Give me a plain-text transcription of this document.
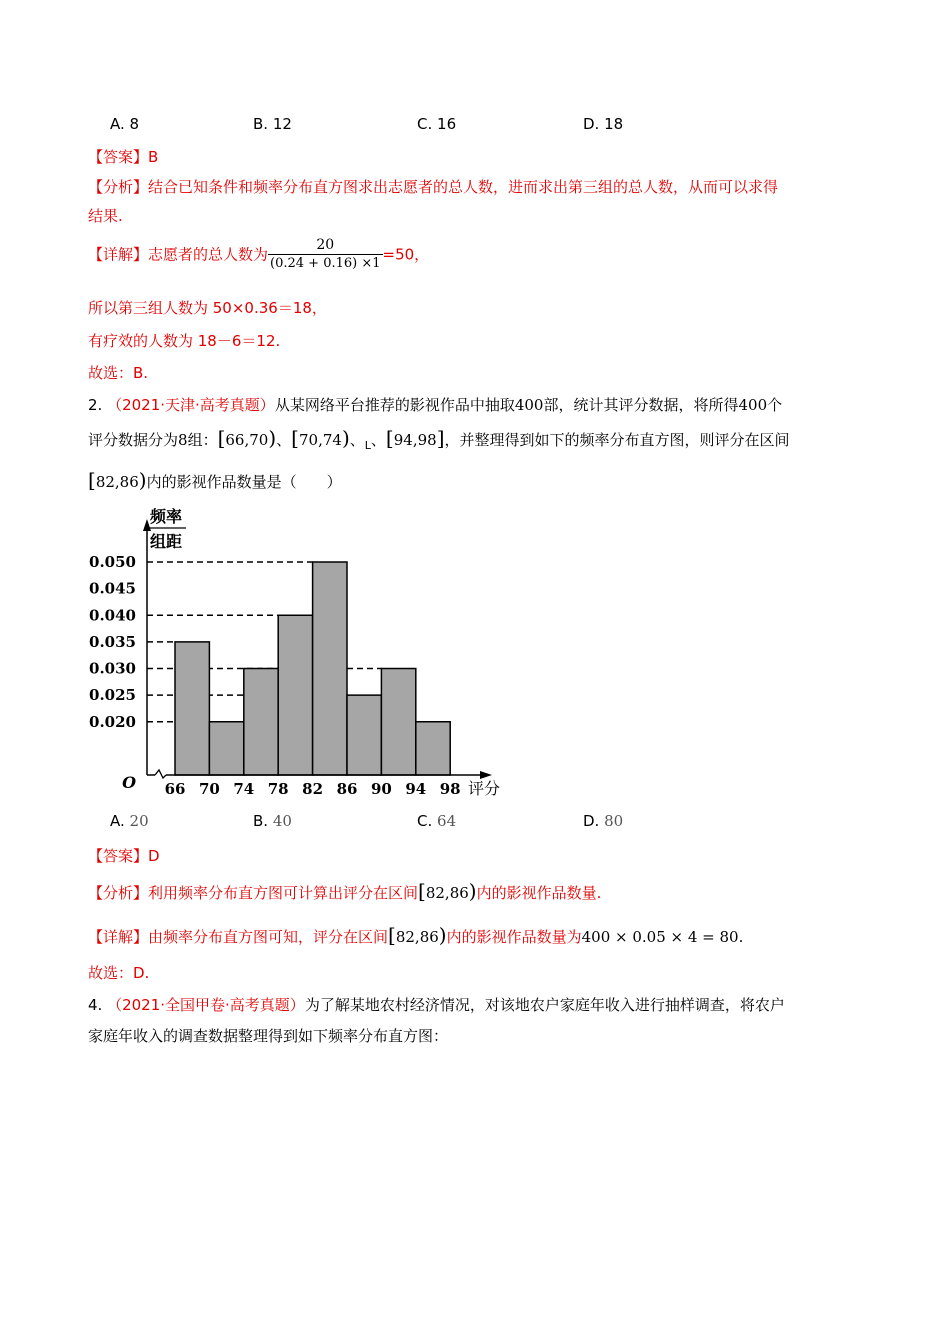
A. 8	B. 12	C. 16	D. 18
【答案】B
【分析】结合已知条件和频率分布直方图求出志愿者的总人数，进而求出第三组的总人数，从而可以求得
结果.
【详解】志愿者的总人数为 $\frac{20}{(0.24 + 0.16) \times 1} =50$，
所以第三组人数为 50×0.36＝18，
有疗效的人数为 18－6＝12.
故选：B.
2. （2021·天津·高考真题）从某网络平台推荐的影视作品中抽取400部，统计其评分数据，将所得400个
评分数据分为8组：[66,70)、[70,74)、$_L$、[94,98]，并整理得到如下的频率分布直方图，则评分在区间
[82,86)内的影视作品数量是（　　）
0.050
0.045
0.040
0.035
0.030
0.025
0.020
66 70 74 78 82 86 90 94 98 评分
O
频率
组距
A. 20	B. 40	C. 64	D. 80
【答案】D
【分析】利用频率分布直方图可计算出评分在区间[82,86)内的影视作品数量.
【详解】由频率分布直方图可知，评分在区间[82,86)内的影视作品数量为400 × 0.05 × 4 = 80.
故选：D.
4. （2021·全国甲卷·高考真题）为了解某地农村经济情况，对该地农户家庭年收入进行抽样调查，将农户
家庭年收入的调查数据整理得到如下频率分布直方图：
